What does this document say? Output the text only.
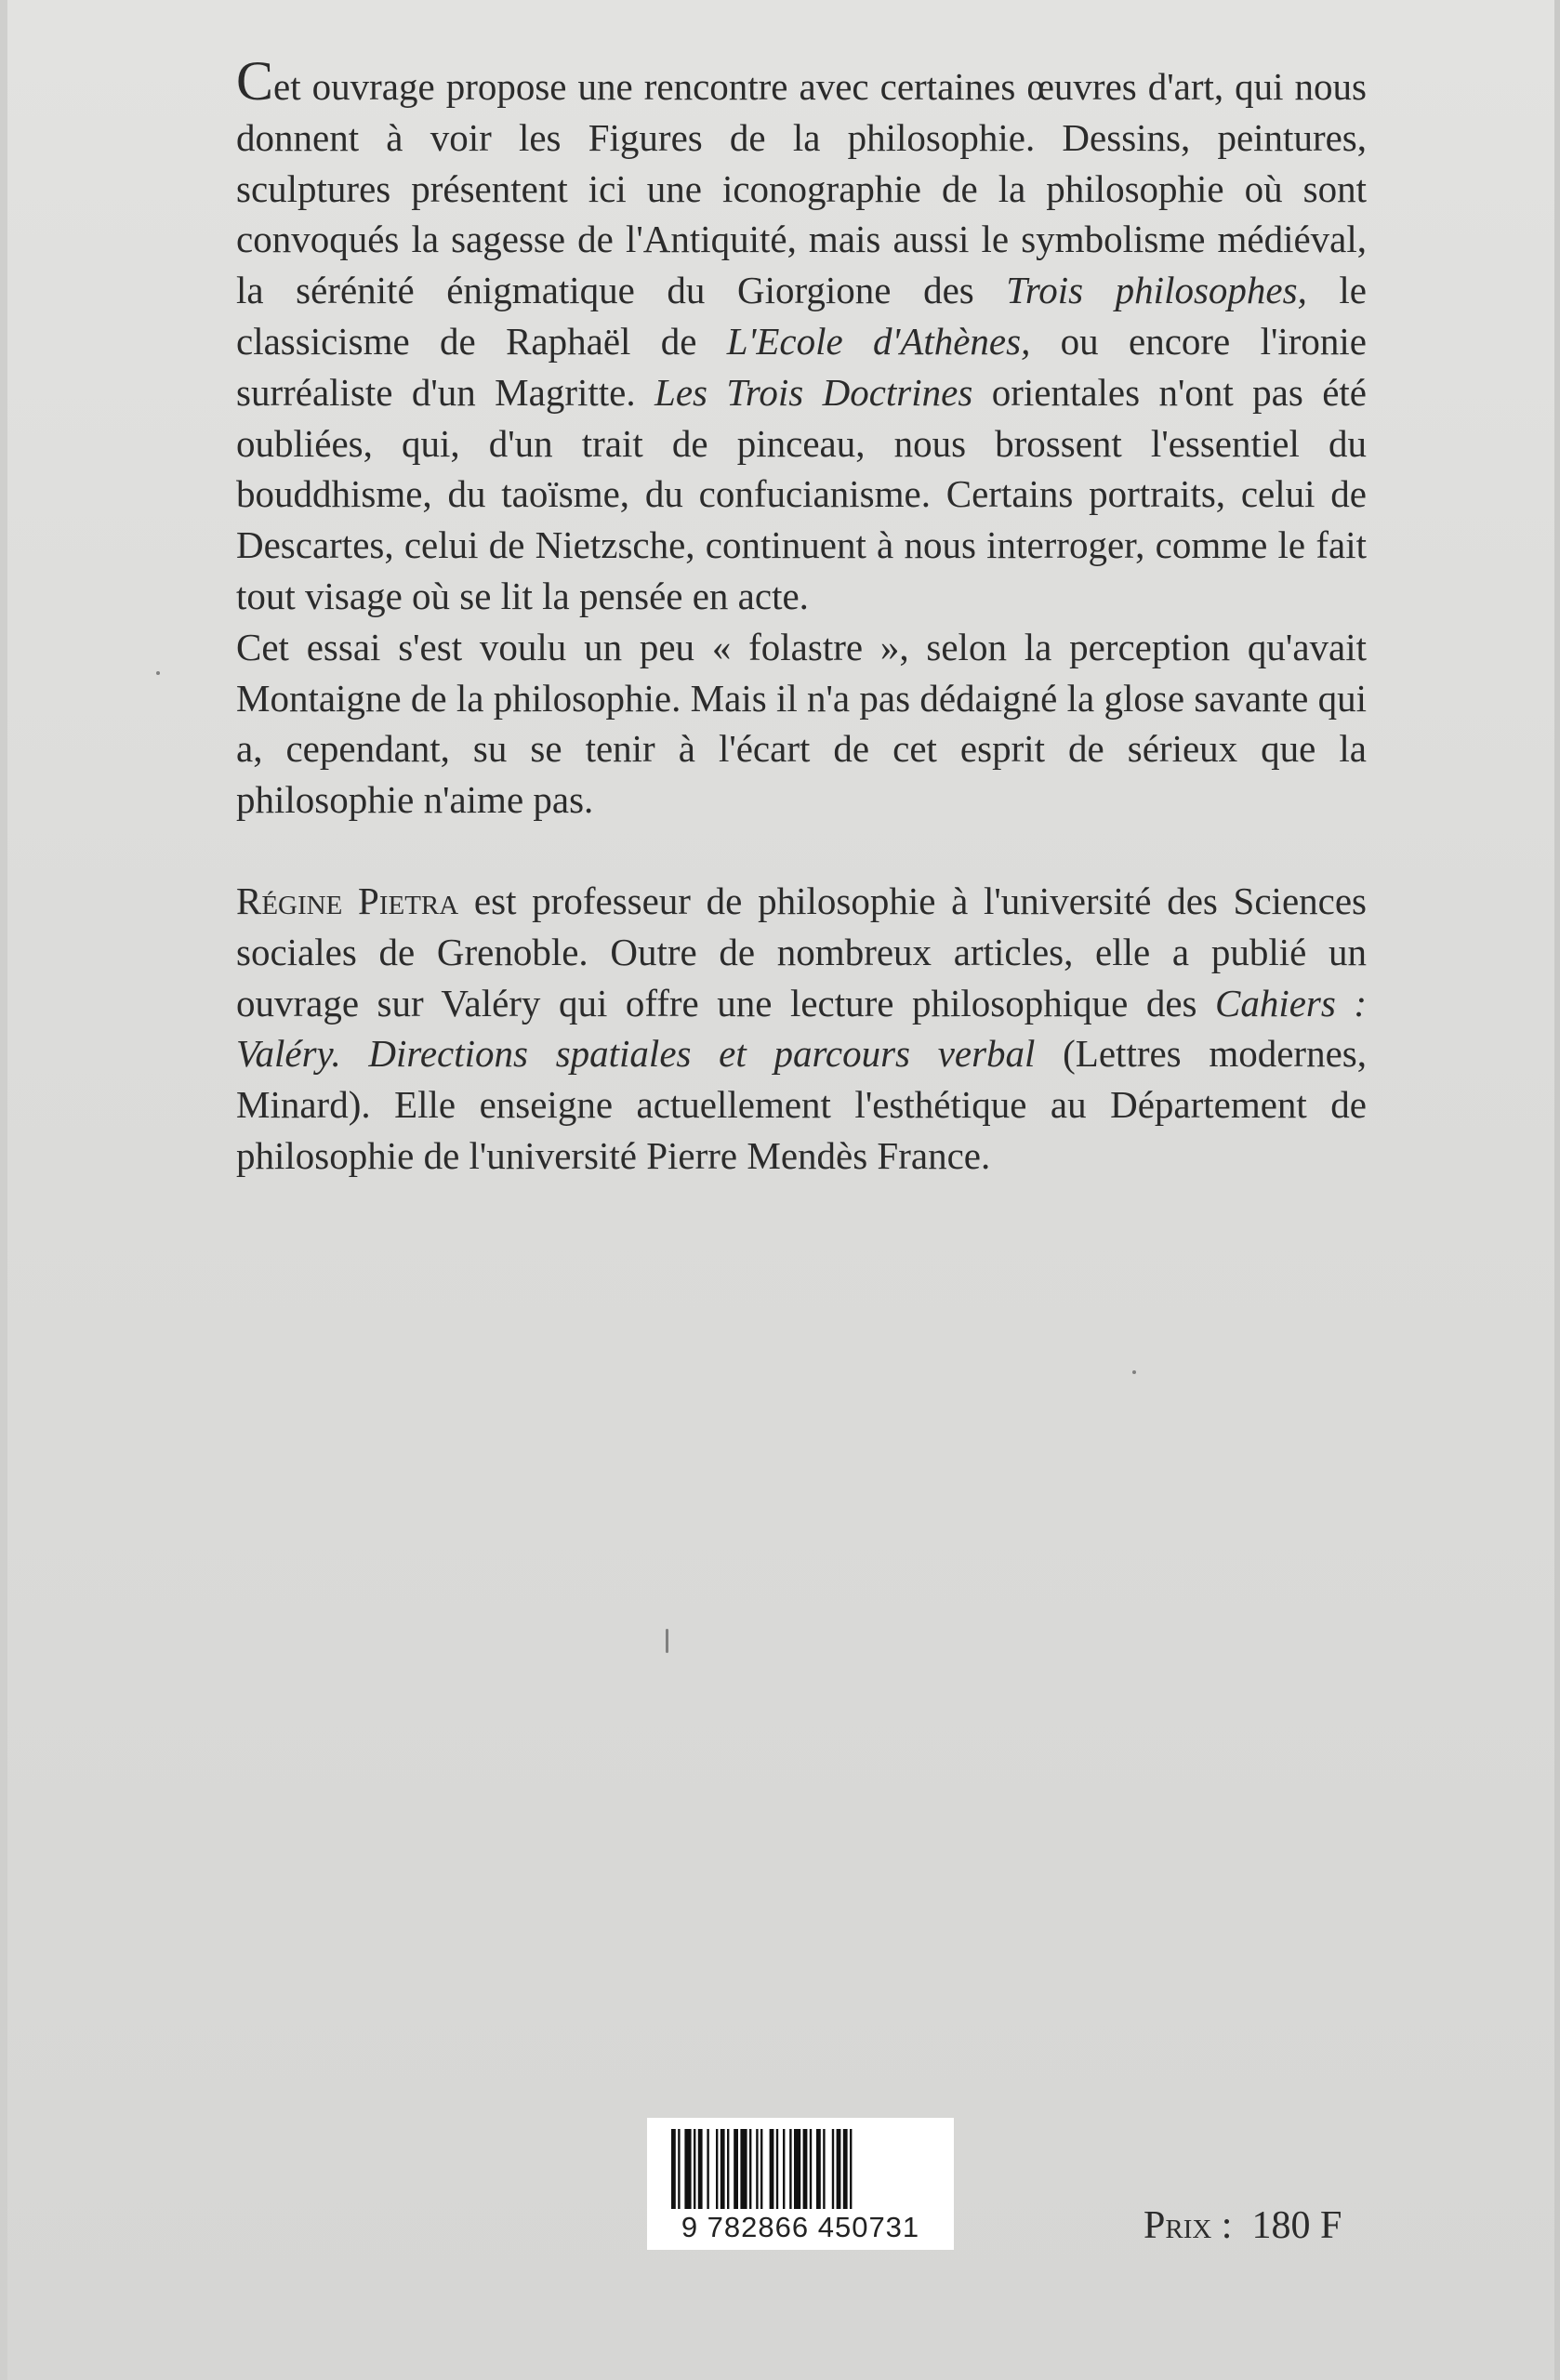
Cet ouvrage propose une rencontre avec certaines œuvres d'art, qui nous donnent à voir les Figures de la philosophie. Dessins, peintures, sculptures présentent ici une iconographie de la philosophie où sont convoqués la sagesse de l'Antiquité, mais aussi le symbolisme médiéval, la sérénité énigmatique du Giorgione des Trois philosophes, le classicisme de Raphaël de L'Ecole d'Athènes, ou encore l'ironie surréaliste d'un Magritte. Les Trois Doctrines orientales n'ont pas été oubliées, qui, d'un trait de pinceau, nous brossent l'essentiel du bouddhisme, du taoïsme, du confucianisme. Certains portraits, celui de Descartes, celui de Nietzsche, continuent à nous interroger, comme le fait tout visage où se lit la pensée en acte.

Cet essai s'est voulu un peu « folastre », selon la perception qu'avait Montaigne de la philosophie. Mais il n'a pas dédaigné la glose savante qui a, cependant, su se tenir à l'écart de cet esprit de sérieux que la philosophie n'aime pas.

Régine Pietra est professeur de philosophie à l'université des Sciences sociales de Grenoble. Outre de nombreux articles, elle a publié un ouvrage sur Valéry qui offre une lecture philosophique des Cahiers : Valéry. Directions spatiales et parcours verbal (Lettres modernes, Minard). Elle enseigne actuellement l'esthétique au Département de philosophie de l'université Pierre Mendès France.

9 782866 450731	Prix : 180 F
